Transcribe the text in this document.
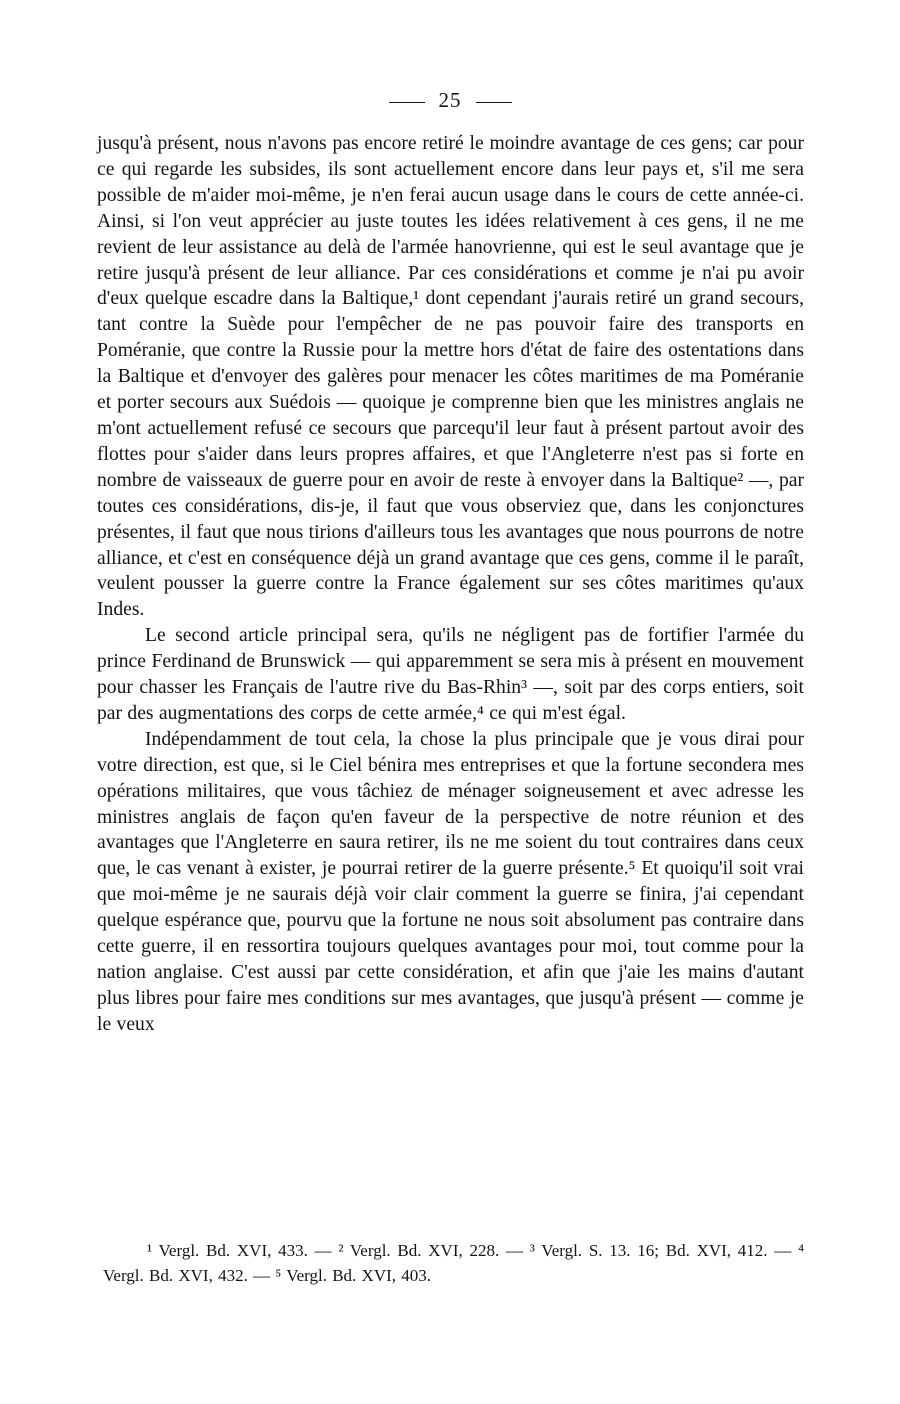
25

jusqu'à présent, nous n'avons pas encore retiré le moindre avantage de ces gens; car pour ce qui regarde les subsides, ils sont actuellement encore dans leur pays et, s'il me sera possible de m'aider moi-même, je n'en ferai aucun usage dans le cours de cette année-ci. Ainsi, si l'on veut apprécier au juste toutes les idées relativement à ces gens, il ne me revient de leur assistance au delà de l'armée hanovrienne, qui est le seul avantage que je retire jusqu'à présent de leur alliance. Par ces considérations et comme je n'ai pu avoir d'eux quelque escadre dans la Baltique,¹ dont cependant j'aurais retiré un grand secours, tant contre la Suède pour l'empêcher de ne pas pouvoir faire des transports en Poméranie, que contre la Russie pour la mettre hors d'état de faire des ostentations dans la Baltique et d'envoyer des galères pour menacer les côtes maritimes de ma Poméranie et porter secours aux Suédois — quoique je comprenne bien que les ministres anglais ne m'ont actuellement refusé ce secours que parcequ'il leur faut à présent partout avoir des flottes pour s'aider dans leurs propres affaires, et que l'Angleterre n'est pas si forte en nombre de vaisseaux de guerre pour en avoir de reste à envoyer dans la Baltique² —, par toutes ces considérations, dis-je, il faut que vous observiez que, dans les conjonctures présentes, il faut que nous tirions d'ailleurs tous les avantages que nous pourrons de notre alliance, et c'est en conséquence déjà un grand avantage que ces gens, comme il le paraît, veulent pousser la guerre contre la France également sur ses côtes maritimes qu'aux Indes.

Le second article principal sera, qu'ils ne négligent pas de fortifier l'armée du prince Ferdinand de Brunswick — qui apparemment se sera mis à présent en mouvement pour chasser les Français de l'autre rive du Bas-Rhin³ —, soit par des corps entiers, soit par des augmentations des corps de cette armée,⁴ ce qui m'est égal.

Indépendamment de tout cela, la chose la plus principale que je vous dirai pour votre direction, est que, si le Ciel bénira mes entreprises et que la fortune secondera mes opérations militaires, que vous tâchiez de ménager soigneusement et avec adresse les ministres anglais de façon qu'en faveur de la perspective de notre réunion et des avantages que l'Angleterre en saura retirer, ils ne me soient du tout contraires dans ceux que, le cas venant à exister, je pourrai retirer de la guerre présente.⁵ Et quoiqu'il soit vrai que moi-même je ne saurais déjà voir clair comment la guerre se finira, j'ai cependant quelque espérance que, pourvu que la fortune ne nous soit absolument pas contraire dans cette guerre, il en ressortira toujours quelques avantages pour moi, tout comme pour la nation anglaise. C'est aussi par cette considération, et afin que j'aie les mains d'autant plus libres pour faire mes conditions sur mes avantages, que jusqu'à présent — comme je le veux

¹ Vergl. Bd. XVI, 433. — ² Vergl. Bd. XVI, 228. — ³ Vergl. S. 13. 16; Bd. XVI, 412. — ⁴ Vergl. Bd. XVI, 432. — ⁵ Vergl. Bd. XVI, 403.
